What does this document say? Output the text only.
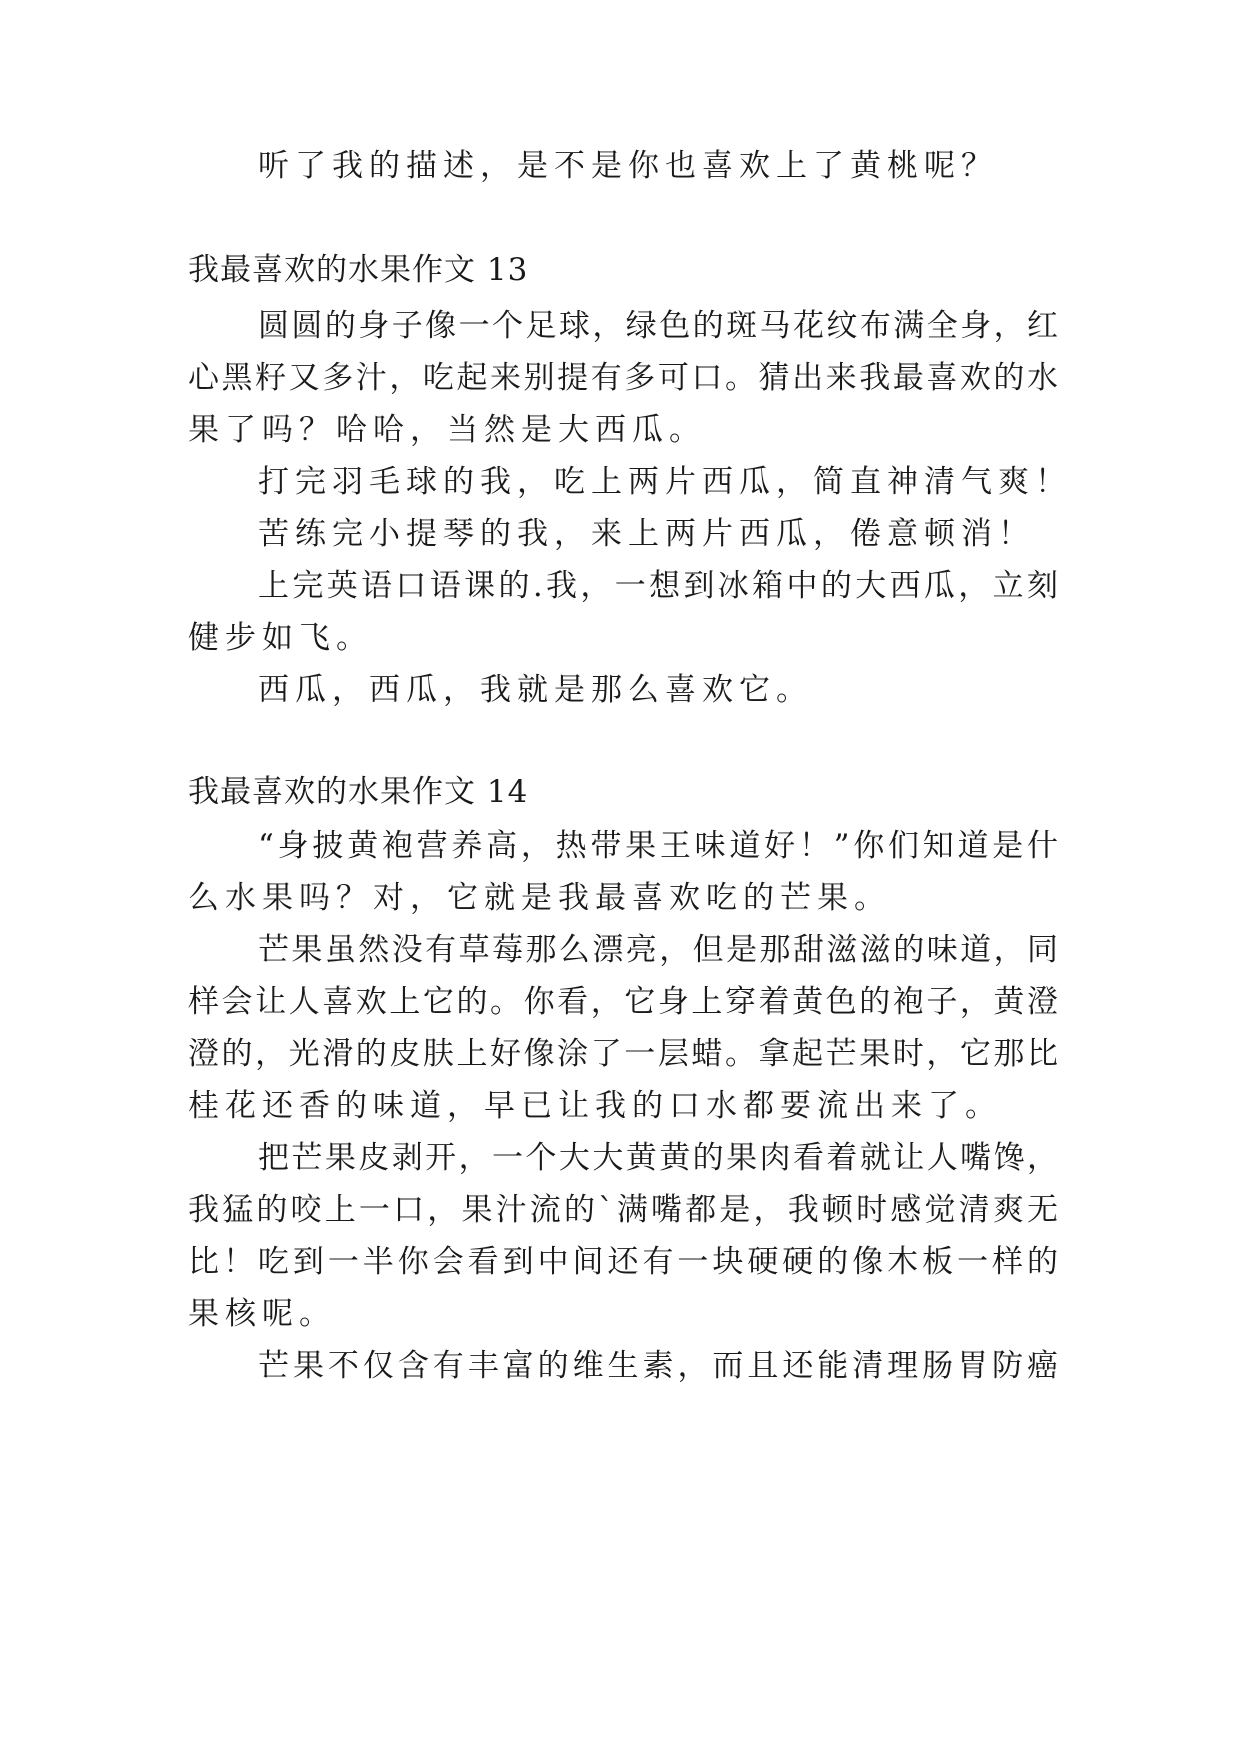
听了我的描述，是不是你也喜欢上了黄桃呢？
我最喜欢的水果作文 13
圆圆的身子像一个足球，绿色的斑马花纹布满全身，红
心黑籽又多汁，吃起来别提有多可口。猜出来我最喜欢的水
果了吗？哈哈，当然是大西瓜。
打完羽毛球的我，吃上两片西瓜，简直神清气爽！
苦练完小提琴的我，来上两片西瓜，倦意顿消！
上完英语口语课的.我，一想到冰箱中的大西瓜，立刻
健步如飞。
西瓜，西瓜，我就是那么喜欢它。
我最喜欢的水果作文 14
“身披黄袍营养高，热带果王味道好！”你们知道是什
么水果吗？对，它就是我最喜欢吃的芒果。
芒果虽然没有草莓那么漂亮，但是那甜滋滋的味道，同
样会让人喜欢上它的。你看，它身上穿着黄色的袍子，黄澄
澄的，光滑的皮肤上好像涂了一层蜡。拿起芒果时，它那比
桂花还香的味道，早已让我的口水都要流出来了。
把芒果皮剥开，一个大大黄黄的果肉看着就让人嘴馋，
我猛的咬上一口，果汁流的`满嘴都是，我顿时感觉清爽无
比！吃到一半你会看到中间还有一块硬硬的像木板一样的
果核呢。
芒果不仅含有丰富的维生素，而且还能清理肠胃防癌
